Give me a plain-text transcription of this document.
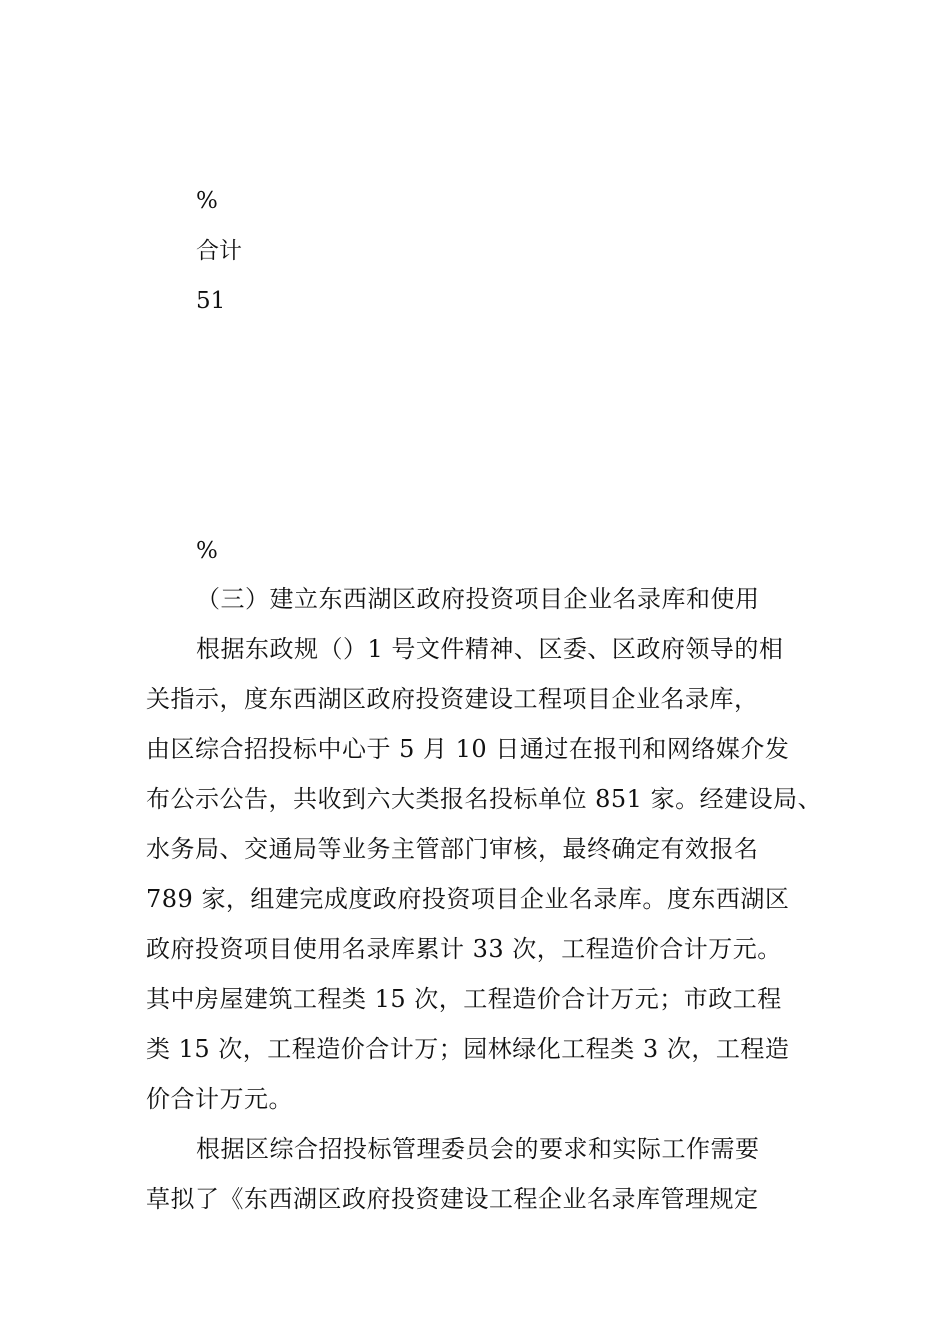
%

合计

51

%

（三）建立东西湖区政府投资项目企业名录库和使用

根据东政规（）1 号文件精神、区委、区政府领导的相

关指示，度东西湖区政府投资建设工程项目企业名录库，

由区综合招投标中心于 5 月 10 日通过在报刊和网络媒介发

布公示公告，共收到六大类报名投标单位 851 家。经建设局、

水务局、交通局等业务主管部门审核，最终确定有效报名

789 家，组建完成度政府投资项目企业名录库。度东西湖区

政府投资项目使用名录库累计 33 次，工程造价合计万元。

其中房屋建筑工程类 15 次，工程造价合计万元；市政工程

类 15 次，工程造价合计万；园林绿化工程类 3 次，工程造

价合计万元。

根据区综合招投标管理委员会的要求和实际工作需要

草拟了《东西湖区政府投资建设工程企业名录库管理规定
